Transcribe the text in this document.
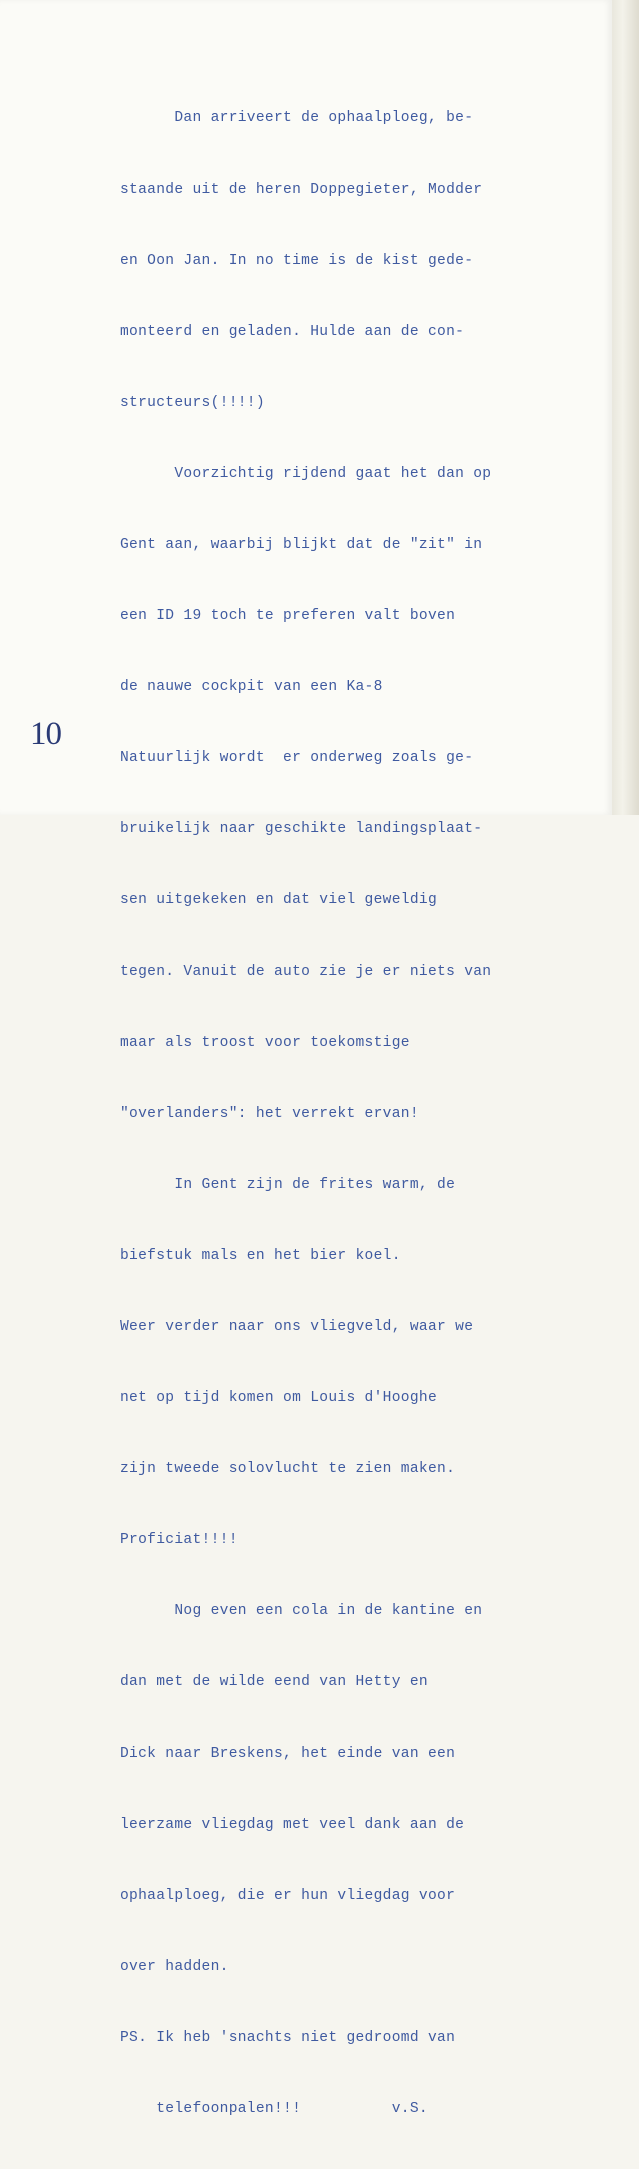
Dan arriveert de ophaalploeg, be-

staande uit de heren Doppegieter, Modder

en Oon Jan. In no time is de kist gede-

monteerd en geladen. Hulde aan de con-

structeurs(!!!!)

Voorzichtig rijdend gaat het dan op

Gent aan, waarbij blijkt dat de "zit" in

een ID 19 toch te preferen valt boven

de nauwe cockpit van een Ka-8

Natuurlijk wordt  er onderweg zoals ge-

bruikelijk naar geschikte landingsplaat-

sen uitgekeken en dat viel geweldig

tegen. Vanuit de auto zie je er niets van

maar als troost voor toekomstige

"overlanders": het verrekt ervan!

In Gent zijn de frites warm, de

biefstuk mals en het bier koel.

Weer verder naar ons vliegveld, waar we

net op tijd komen om Louis d'Hooghe

zijn tweede solovlucht te zien maken.

Proficiat!!!!

Nog even een cola in de kantine en

dan met de wilde eend van Hetty en

Dick naar Breskens, het einde van een

leerzame vliegdag met veel dank aan de

ophaalploeg, die er hun vliegdag voor

over hadden.

PS. Ik heb 'snachts niet gedroomd van

telefoonpalen!!!          v.S.

10
